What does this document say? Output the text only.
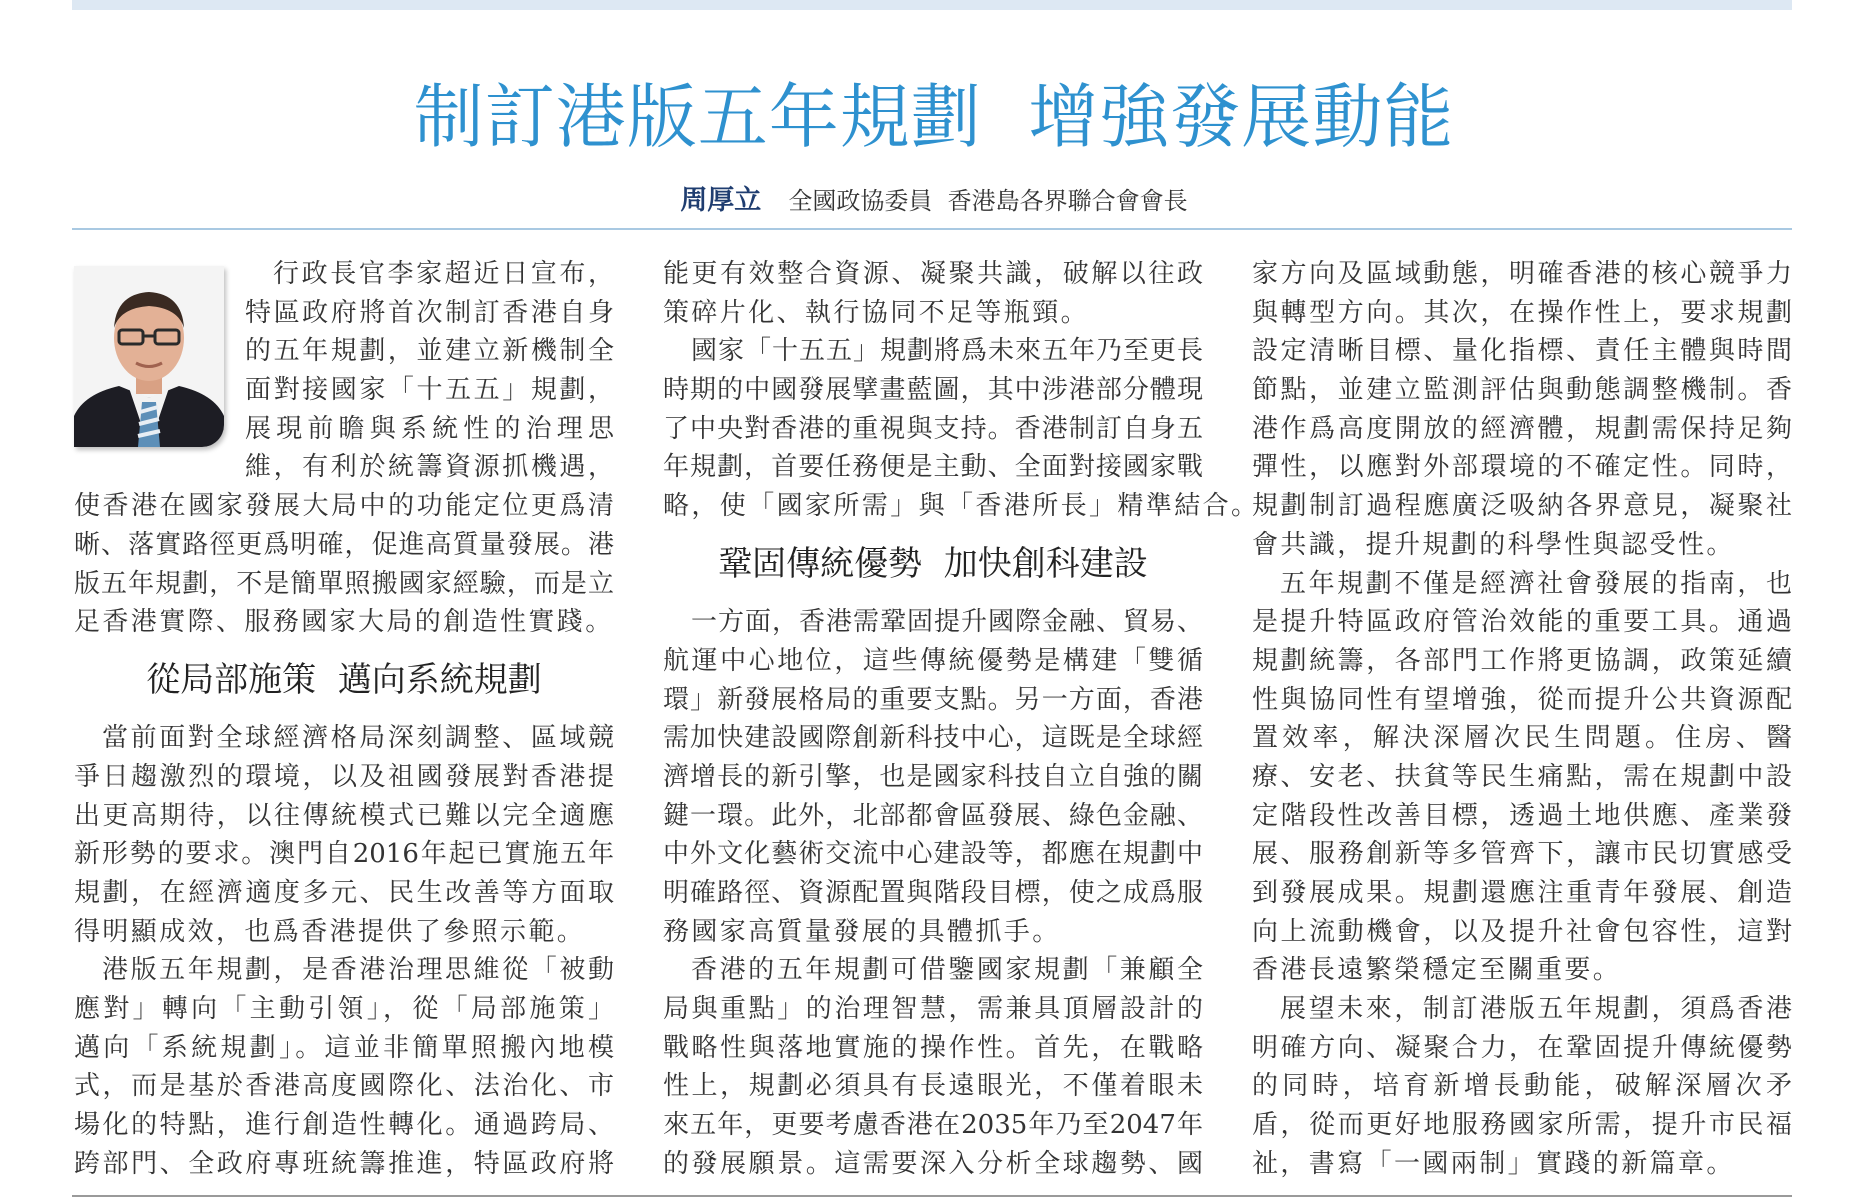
制訂港版五年規劃  增強發展動能
周厚立 全國政協委員  香港島各界聯合會會長
行政長官李家超近日宣布，
特區政府將首次制訂香港自身
的五年規劃，並建立新機制全
面對接國家「十五五」規劃，
展現前瞻與系統性的治理思
維，有利於統籌資源抓機遇，
使香港在國家發展大局中的功能定位更爲清
晰、落實路徑更爲明確，促進高質量發展。港
版五年規劃，不是簡單照搬國家經驗，而是立
足香港實際、服務國家大局的創造性實踐。
從局部施策  邁向系統規劃
當前面對全球經濟格局深刻調整、區域競
爭日趨激烈的環境，以及祖國發展對香港提
出更高期待，以往傳統模式已難以完全適應
新形勢的要求。澳門自2016年起已實施五年
規劃，在經濟適度多元、民生改善等方面取
得明顯成效，也爲香港提供了參照示範。
港版五年規劃，是香港治理思維從「被動
應對」轉向「主動引領」，從「局部施策」
邁向「系統規劃」。這並非簡單照搬內地模
式，而是基於香港高度國際化、法治化、市
場化的特點，進行創造性轉化。通過跨局、
跨部門、全政府專班統籌推進，特區政府將
能更有效整合資源、凝聚共識，破解以往政
策碎片化、執行協同不足等瓶頸。
國家「十五五」規劃將爲未來五年乃至更長
時期的中國發展擘畫藍圖，其中涉港部分體現
了中央對香港的重視與支持。香港制訂自身五
年規劃，首要任務便是主動、全面對接國家戰
略，使「國家所需」與「香港所長」精準結合。
鞏固傳統優勢  加快創科建設
一方面，香港需鞏固提升國際金融、貿易、
航運中心地位，這些傳統優勢是構建「雙循
環」新發展格局的重要支點。另一方面，香港
需加快建設國際創新科技中心，這既是全球經
濟增長的新引擎，也是國家科技自立自強的關
鍵一環。此外，北部都會區發展、綠色金融、
中外文化藝術交流中心建設等，都應在規劃中
明確路徑、資源配置與階段目標，使之成爲服
務國家高質量發展的具體抓手。
香港的五年規劃可借鑒國家規劃「兼顧全
局與重點」的治理智慧，需兼具頂層設計的
戰略性與落地實施的操作性。首先，在戰略
性上，規劃必須具有長遠眼光，不僅着眼未
來五年，更要考慮香港在2035年乃至2047年
的發展願景。這需要深入分析全球趨勢、國
家方向及區域動態，明確香港的核心競爭力
與轉型方向。其次，在操作性上，要求規劃
設定清晰目標、量化指標、責任主體與時間
節點，並建立監測評估與動態調整機制。香
港作爲高度開放的經濟體，規劃需保持足夠
彈性，以應對外部環境的不確定性。同時，
規劃制訂過程應廣泛吸納各界意見，凝聚社
會共識，提升規劃的科學性與認受性。
五年規劃不僅是經濟社會發展的指南，也
是提升特區政府管治效能的重要工具。通過
規劃統籌，各部門工作將更協調，政策延續
性與協同性有望增強，從而提升公共資源配
置效率，解決深層次民生問題。住房、醫
療、安老、扶貧等民生痛點，需在規劃中設
定階段性改善目標，透過土地供應、產業發
展、服務創新等多管齊下，讓市民切實感受
到發展成果。規劃還應注重青年發展、創造
向上流動機會，以及提升社會包容性，這對
香港長遠繁榮穩定至關重要。
展望未來，制訂港版五年規劃，須爲香港
明確方向、凝聚合力，在鞏固提升傳統優勢
的同時，培育新增長動能，破解深層次矛
盾，從而更好地服務國家所需，提升市民福
祉，書寫「一國兩制」實踐的新篇章。
